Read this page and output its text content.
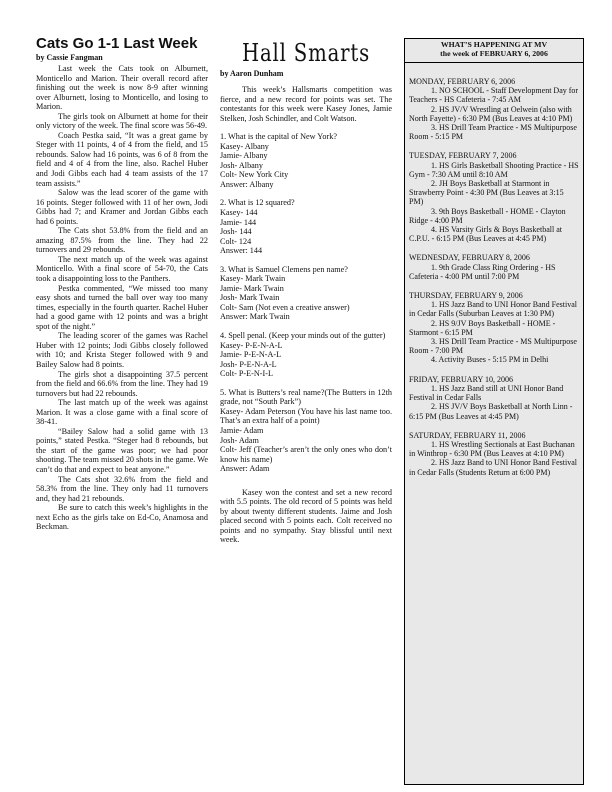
Cats Go 1-1 Last Week
by Cassie Fangman

Last week the Cats took on Alburnett, Monticello and Marion. Their overall record after finishing out the week is now 8-9 after winning over Alburnett, losing to Monticello, and losing to Marion.

The girls took on Alburnett at home for their only victory of the week. The final score was 56-49.

Coach Pestka said, “It was a great game by Steger with 11 points, 4 of 4 from the field, and 15 rebounds. Salow had 16 points, was 6 of 8 from the field and 4 of 4 from the line, also. Rachel Huber and Jodi Gibbs each had 4 team assists of the 17 team assists.”

Salow was the lead scorer of the game with 16 points. Steger followed with 11 of her own, Jodi Gibbs had 7; and Kramer and Jordan Gibbs each had 6 points.

The Cats shot 53.8% from the field and an amazing 87.5% from the line. They had 22 turnovers and 29 rebounds.

The next match up of the week was against Monticello. With a final score of 54-70, the Cats took a disappointing loss to the Panthers.

Pestka commented, “We missed too many easy shots and turned the ball over way too many times, especially in the fourth quarter. Rachel Huber had a good game with 12 points and was a bright spot of the night.”

The leading scorer of the games was Rachel Huber with 12 points; Jodi Gibbs closely followed with 10; and Krista Steger followed with 9 and Bailey Salow had 8 points.

The girls shot a disappointing 37.5 percent from the field and 66.6% from the line. They had 19 turnovers but had 22 rebounds.

The last match up of the week was against Marion. It was a close game with a final score of 38-41.

“Bailey Salow had a solid game with 13 points,” stated Pestka. “Steger had 8 rebounds, but the start of the game was poor; we had poor shooting. The team missed 20 shots in the game. We can’t do that and expect to beat anyone.”

The Cats shot 32.6% from the field and 58.3% from the line. They only had 11 turnovers and, they had 21 rebounds.

Be sure to catch this week’s highlights in the next Echo as the girls take on Ed-Co, Anamosa and Beckman.

Hall Smarts
by Aaron Dunham

This week’s Hallsmarts competition was fierce, and a new record for points was set. The contestants for this week were Kasey Jones, Jamie Stelken, Josh Schindler, and Colt Watson.

1. What is the capital of New York?
Kasey- Albany
Jamie- Albany
Josh- Albany
Colt- New York City
Answer: Albany
2. What is 12 squared?
Kasey- 144
Jamie- 144
Josh- 144
Colt- 124
Answer: 144
3. What is Samuel Clemens pen name?
Kasey- Mark Twain
Jamie- Mark Twain
Josh- Mark Twain
Colt- Sam (Not even a creative answer)
Answer: Mark Twain
4. Spell penal. (Keep your minds out of the gutter)
Kasey- P-E-N-A-L
Jamie- P-E-N-A-L
Josh- P-E-N-A-L
Colt- P-E-N-I-L
5. What is Butters’s real name?(The Butters in 12th grade, not “South Park”)
Kasey- Adam Peterson (You have his last name too. That’s an extra half of a point)
Jamie- Adam
Josh- Adam
Colt- Jeff (Teacher’s aren’t the only ones who don’t know his name)
Answer: Adam

Kasey won the contest and set a new record with 5.5 points. The old record of 5 points was held by about twenty different students. Jaime and Josh placed second with 5 points each. Colt received no points and no sympathy. Stay blissful until next week.

WHAT’S HAPPENING AT MV
the week of FEBRUARY 6, 2006
MONDAY, FEBRUARY 6, 2006
1. NO SCHOOL - Staff Development Day for Teachers - HS Cafeteria - 7:45 AM
2. HS JV/V Wrestling at Oelwein (also with North Fayette) - 6:30 PM (Bus Leaves at 4:10 PM)
3. HS Drill Team Practice - MS Multipurpose Room - 5:15 PM
TUESDAY, FEBRUARY 7, 2006
1. HS Girls Basketball Shooting Practice - HS Gym - 7:30 AM until 8:10 AM
2. JH Boys Basketball at Starmont in Strawberry Point - 4:30 PM (Bus Leaves at 3:15 PM)
3. 9th Boys Basketball - HOME - Clayton Ridge - 4:00 PM
4. HS Varsity Girls & Boys Basketball at C.P.U. - 6:15 PM (Bus Leaves at 4:45 PM)
WEDNESDAY, FEBRUARY 8, 2006
1. 9th Grade Class Ring Ordering - HS Cafeteria - 4:00 PM until 7:00 PM
THURSDAY, FEBRUARY 9, 2006
1. HS Jazz Band to UNI Honor Band Festival in Cedar Falls (Suburban Leaves at 1:30 PM)
2. HS 9/JV Boys Basketball - HOME - Starmont - 6:15 PM
3. HS Drill Team Practice - MS Multipurpose Room - 7:00 PM
4. Activity Buses - 5:15 PM in Delhi
FRIDAY, FEBRUARY 10, 2006
1. HS Jazz Band still at UNI Honor Band Festival in Cedar Falls
2. HS JV/V Boys Basketball at North Linn - 6:15 PM (Bus Leaves at 4:45 PM)
SATURDAY, FEBRUARY 11, 2006
1. HS Wrestling Sectionals at East Buchanan in Winthrop - 6:30 PM (Bus Leaves at 4:10 PM)
2. HS Jazz Band to UNI Honor Band Festival in Cedar Falls (Students Return at 6:00 PM)
